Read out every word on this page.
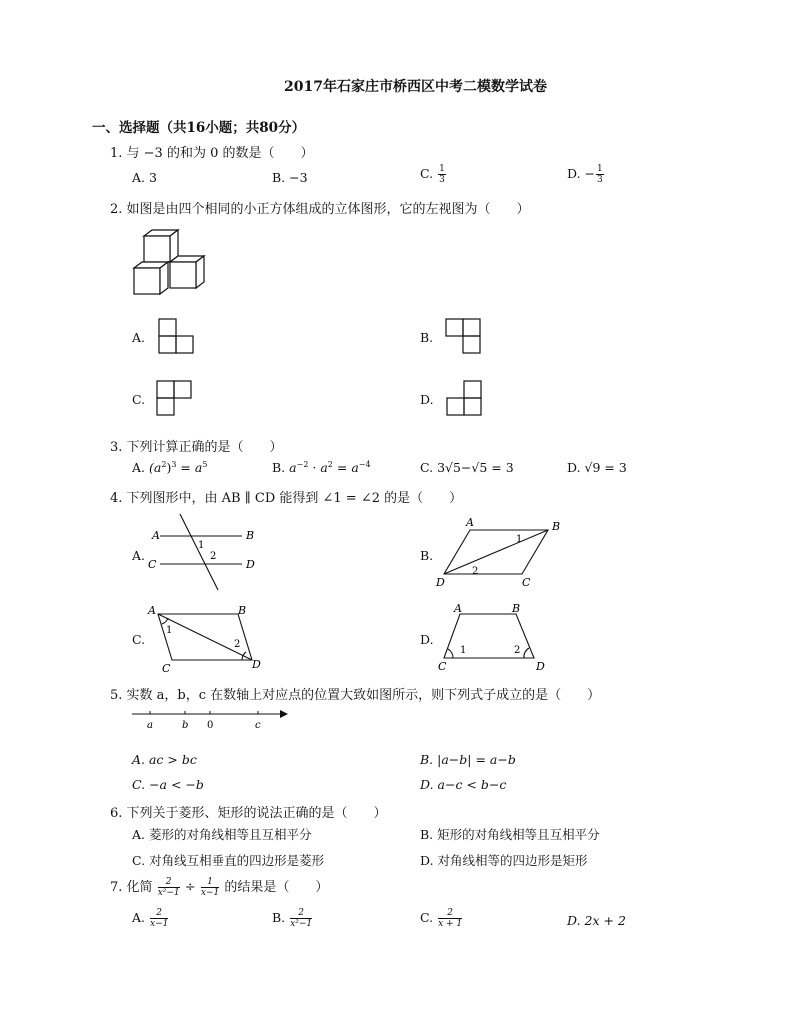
2017年石家庄市桥西区中考二模数学试卷
一、选择题（共16小题；共80分）
1. 与 −3 的和为 0 的数是（　　）
A. 3	B. −3	C. $\frac{1}{3}$	D. − $\frac{1}{3}$
2. 如图是由四个相同的小正方体组成的立体图形，它的左视图为（　　）
A.	B.
C.	D.
3. 下列计算正确的是（　　）
A. $(a^2)^3 = a^5$	B. $a^{-2} \cdot a^2 = a^{-4}$	C. 3√5−√5 = 3	D. √9 = 3
4. 下列图形中，由 AB ∥ CD 能得到 ∠1 = ∠2 的是（　　）
A.
A	B
C	D
1
2	B.
A	B
D	C
1
2
C.
A	B
C	D
1
2	D.
A	B
C	D
1	2
5. 实数 a，b，c 在数轴上对应点的位置大致如图所示，则下列式子成立的是（　　）
a	b 0	c
A. ac > bc	B. |a−b| = a−b
C. −a < −b	D. a−c < b−c
6. 下列关于菱形、矩形的说法正确的是（　　）
A. 菱形的对角线相等且互相平分	B. 矩形的对角线相等且互相平分
C. 对角线互相垂直的四边形是菱形	D. 对角线相等的四边形是矩形
7. 化简 $\frac{2}{\text{x²−1}} \div \frac{1}{x-1}$ 的结果是（　　）
A. $\frac{2}{x-1}$	B. $\frac{2}{\text{x²−1}}$	C. $\frac{2}{x + 1}$	D. 2x + 2
